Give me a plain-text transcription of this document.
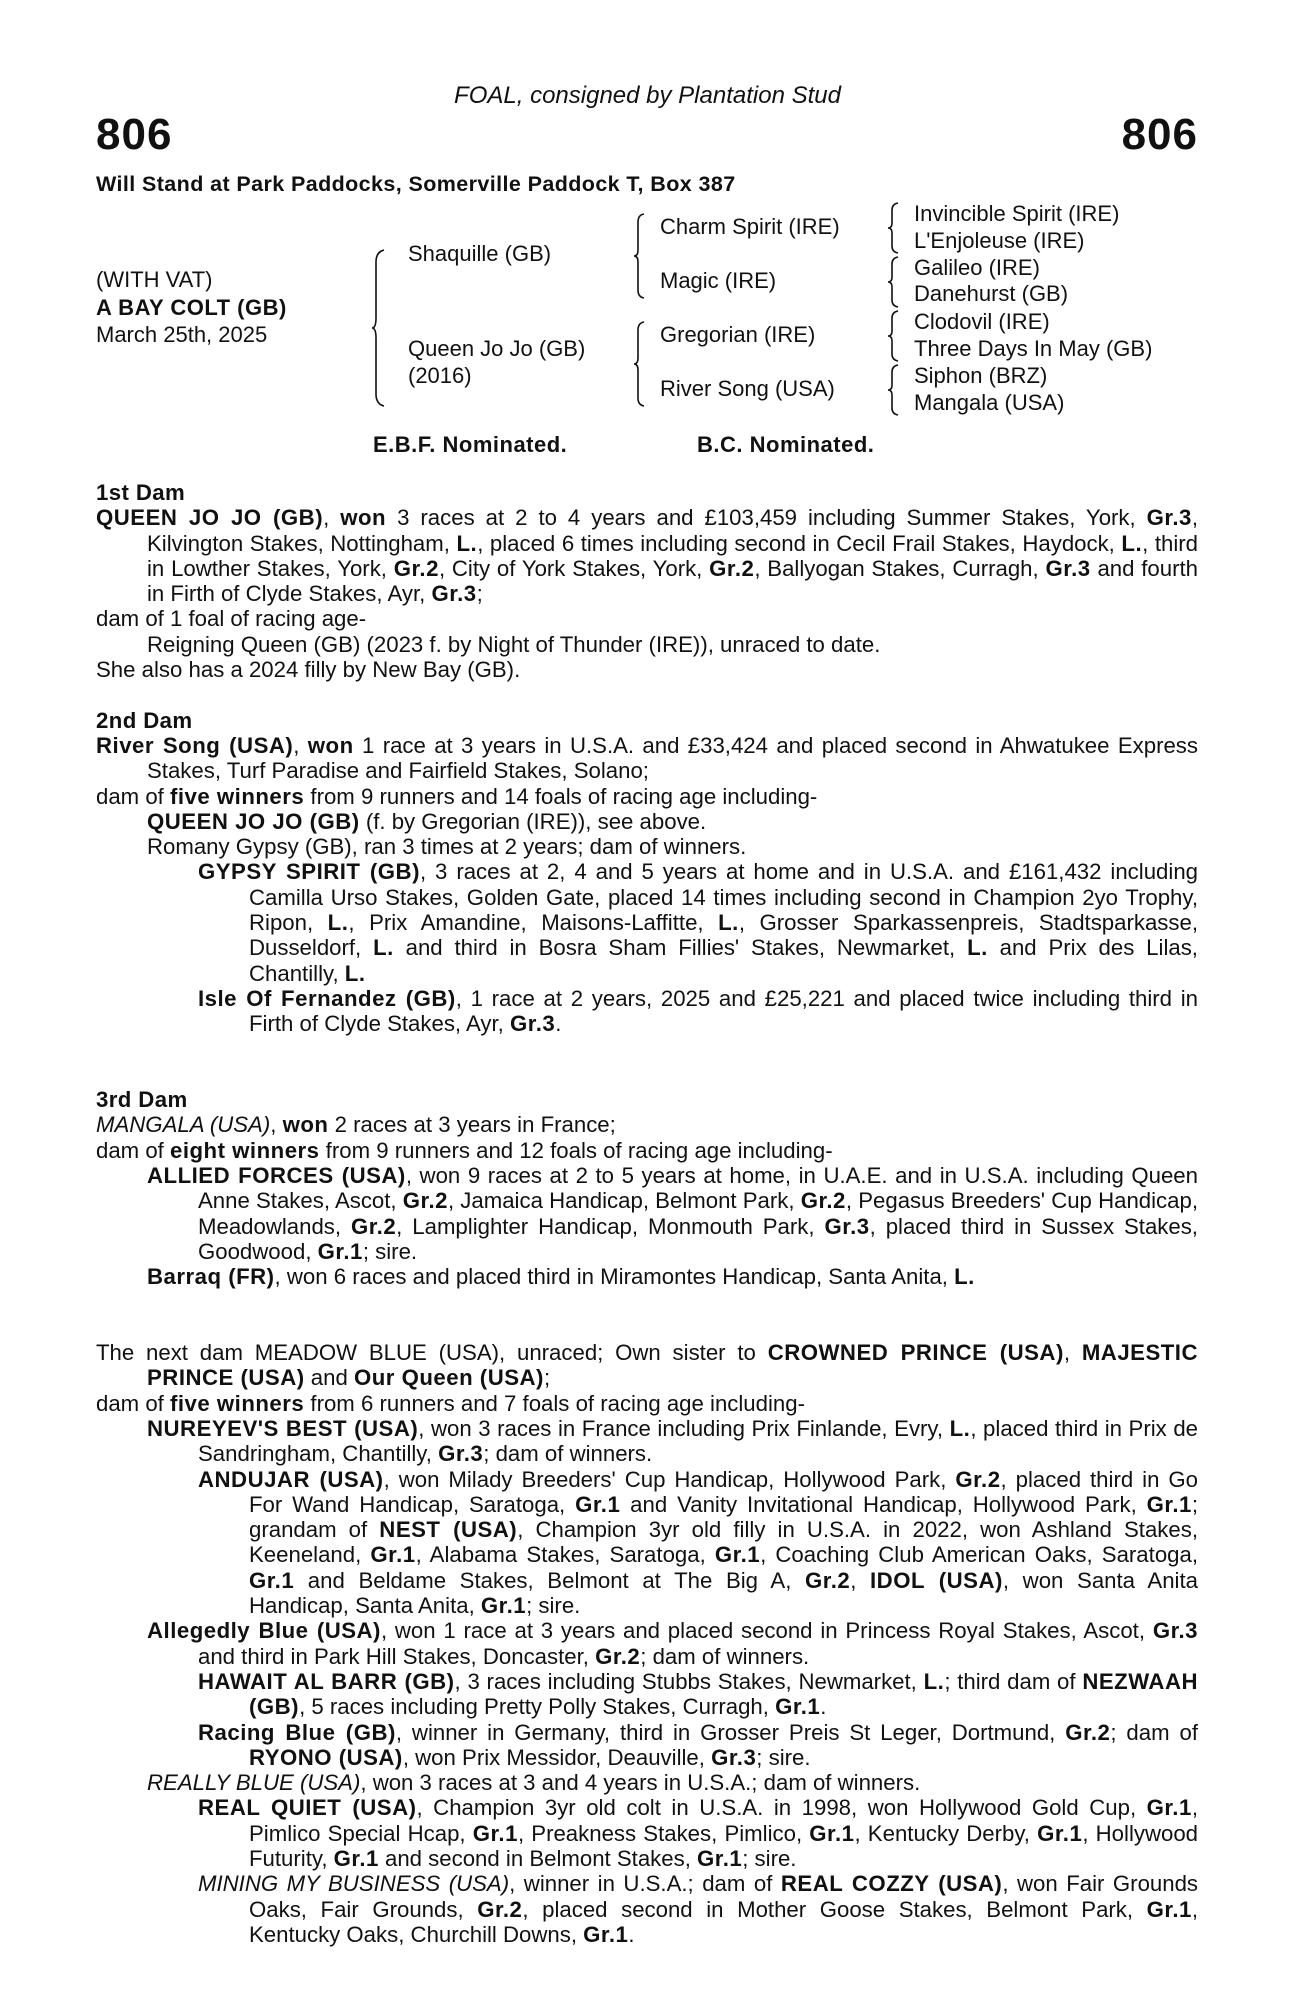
FOAL, consigned by Plantation Stud
806	806
Will Stand at Park Paddocks, Somerville Paddock T, Box 387
(WITH VAT)
A BAY COLT (GB)
March 25th, 2025
Shaquille (GB)
Queen Jo Jo (GB)
(2016)
Charm Spirit (IRE)
Magic (IRE)
Gregorian (IRE)
River Song (USA)
Invincible Spirit (IRE)
L'Enjoleuse (IRE)
Galileo (IRE)
Danehurst (GB)
Clodovil (IRE)
Three Days In May (GB)
Siphon (BRZ)
Mangala (USA)
E.B.F. Nominated.	B.C. Nominated.
1st Dam
QUEEN JO JO (GB), won 3 races at 2 to 4 years and £103,459 including Summer Stakes, York, Gr.3, Kilvington Stakes, Nottingham, L., placed 6 times including second in Cecil Frail Stakes, Haydock, L., third in Lowther Stakes, York, Gr.2, City of York Stakes, York, Gr.2, Ballyogan Stakes, Curragh, Gr.3 and fourth in Firth of Clyde Stakes, Ayr, Gr.3;
dam of 1 foal of racing age-
Reigning Queen (GB) (2023 f. by Night of Thunder (IRE)), unraced to date.
She also has a 2024 filly by New Bay (GB).
2nd Dam
River Song (USA), won 1 race at 3 years in U.S.A. and £33,424 and placed second in Ahwatukee Express Stakes, Turf Paradise and Fairfield Stakes, Solano;
dam of five winners from 9 runners and 14 foals of racing age including-
QUEEN JO JO (GB) (f. by Gregorian (IRE)), see above.
Romany Gypsy (GB), ran 3 times at 2 years; dam of winners.
GYPSY SPIRIT (GB), 3 races at 2, 4 and 5 years at home and in U.S.A. and £161,432 including Camilla Urso Stakes, Golden Gate, placed 14 times including second in Champion 2yo Trophy, Ripon, L., Prix Amandine, Maisons-Laffitte, L., Grosser Sparkassenpreis, Stadtsparkasse, Dusseldorf, L. and third in Bosra Sham Fillies' Stakes, Newmarket, L. and Prix des Lilas, Chantilly, L.
Isle Of Fernandez (GB), 1 race at 2 years, 2025 and £25,221 and placed twice including third in Firth of Clyde Stakes, Ayr, Gr.3.
3rd Dam
MANGALA (USA), won 2 races at 3 years in France;
dam of eight winners from 9 runners and 12 foals of racing age including-
ALLIED FORCES (USA), won 9 races at 2 to 5 years at home, in U.A.E. and in U.S.A. including Queen Anne Stakes, Ascot, Gr.2, Jamaica Handicap, Belmont Park, Gr.2, Pegasus Breeders' Cup Handicap, Meadowlands, Gr.2, Lamplighter Handicap, Monmouth Park, Gr.3, placed third in Sussex Stakes, Goodwood, Gr.1; sire.
Barraq (FR), won 6 races and placed third in Miramontes Handicap, Santa Anita, L.
The next dam MEADOW BLUE (USA), unraced; Own sister to CROWNED PRINCE (USA), MAJESTIC PRINCE (USA) and Our Queen (USA);
dam of five winners from 6 runners and 7 foals of racing age including-
NUREYEV'S BEST (USA), won 3 races in France including Prix Finlande, Evry, L., placed third in Prix de Sandringham, Chantilly, Gr.3; dam of winners.
ANDUJAR (USA), won Milady Breeders' Cup Handicap, Hollywood Park, Gr.2, placed third in Go For Wand Handicap, Saratoga, Gr.1 and Vanity Invitational Handicap, Hollywood Park, Gr.1; grandam of NEST (USA), Champion 3yr old filly in U.S.A. in 2022, won Ashland Stakes, Keeneland, Gr.1, Alabama Stakes, Saratoga, Gr.1, Coaching Club American Oaks, Saratoga, Gr.1 and Beldame Stakes, Belmont at The Big A, Gr.2, IDOL (USA), won Santa Anita Handicap, Santa Anita, Gr.1; sire.
Allegedly Blue (USA), won 1 race at 3 years and placed second in Princess Royal Stakes, Ascot, Gr.3 and third in Park Hill Stakes, Doncaster, Gr.2; dam of winners.
HAWAIT AL BARR (GB), 3 races including Stubbs Stakes, Newmarket, L.; third dam of NEZWAAH (GB), 5 races including Pretty Polly Stakes, Curragh, Gr.1.
Racing Blue (GB), winner in Germany, third in Grosser Preis St Leger, Dortmund, Gr.2; dam of RYONO (USA), won Prix Messidor, Deauville, Gr.3; sire.
REALLY BLUE (USA), won 3 races at 3 and 4 years in U.S.A.; dam of winners.
REAL QUIET (USA), Champion 3yr old colt in U.S.A. in 1998, won Hollywood Gold Cup, Gr.1, Pimlico Special Hcap, Gr.1, Preakness Stakes, Pimlico, Gr.1, Kentucky Derby, Gr.1, Hollywood Futurity, Gr.1 and second in Belmont Stakes, Gr.1; sire.
MINING MY BUSINESS (USA), winner in U.S.A.; dam of REAL COZZY (USA), won Fair Grounds Oaks, Fair Grounds, Gr.2, placed second in Mother Goose Stakes, Belmont Park, Gr.1, Kentucky Oaks, Churchill Downs, Gr.1.
